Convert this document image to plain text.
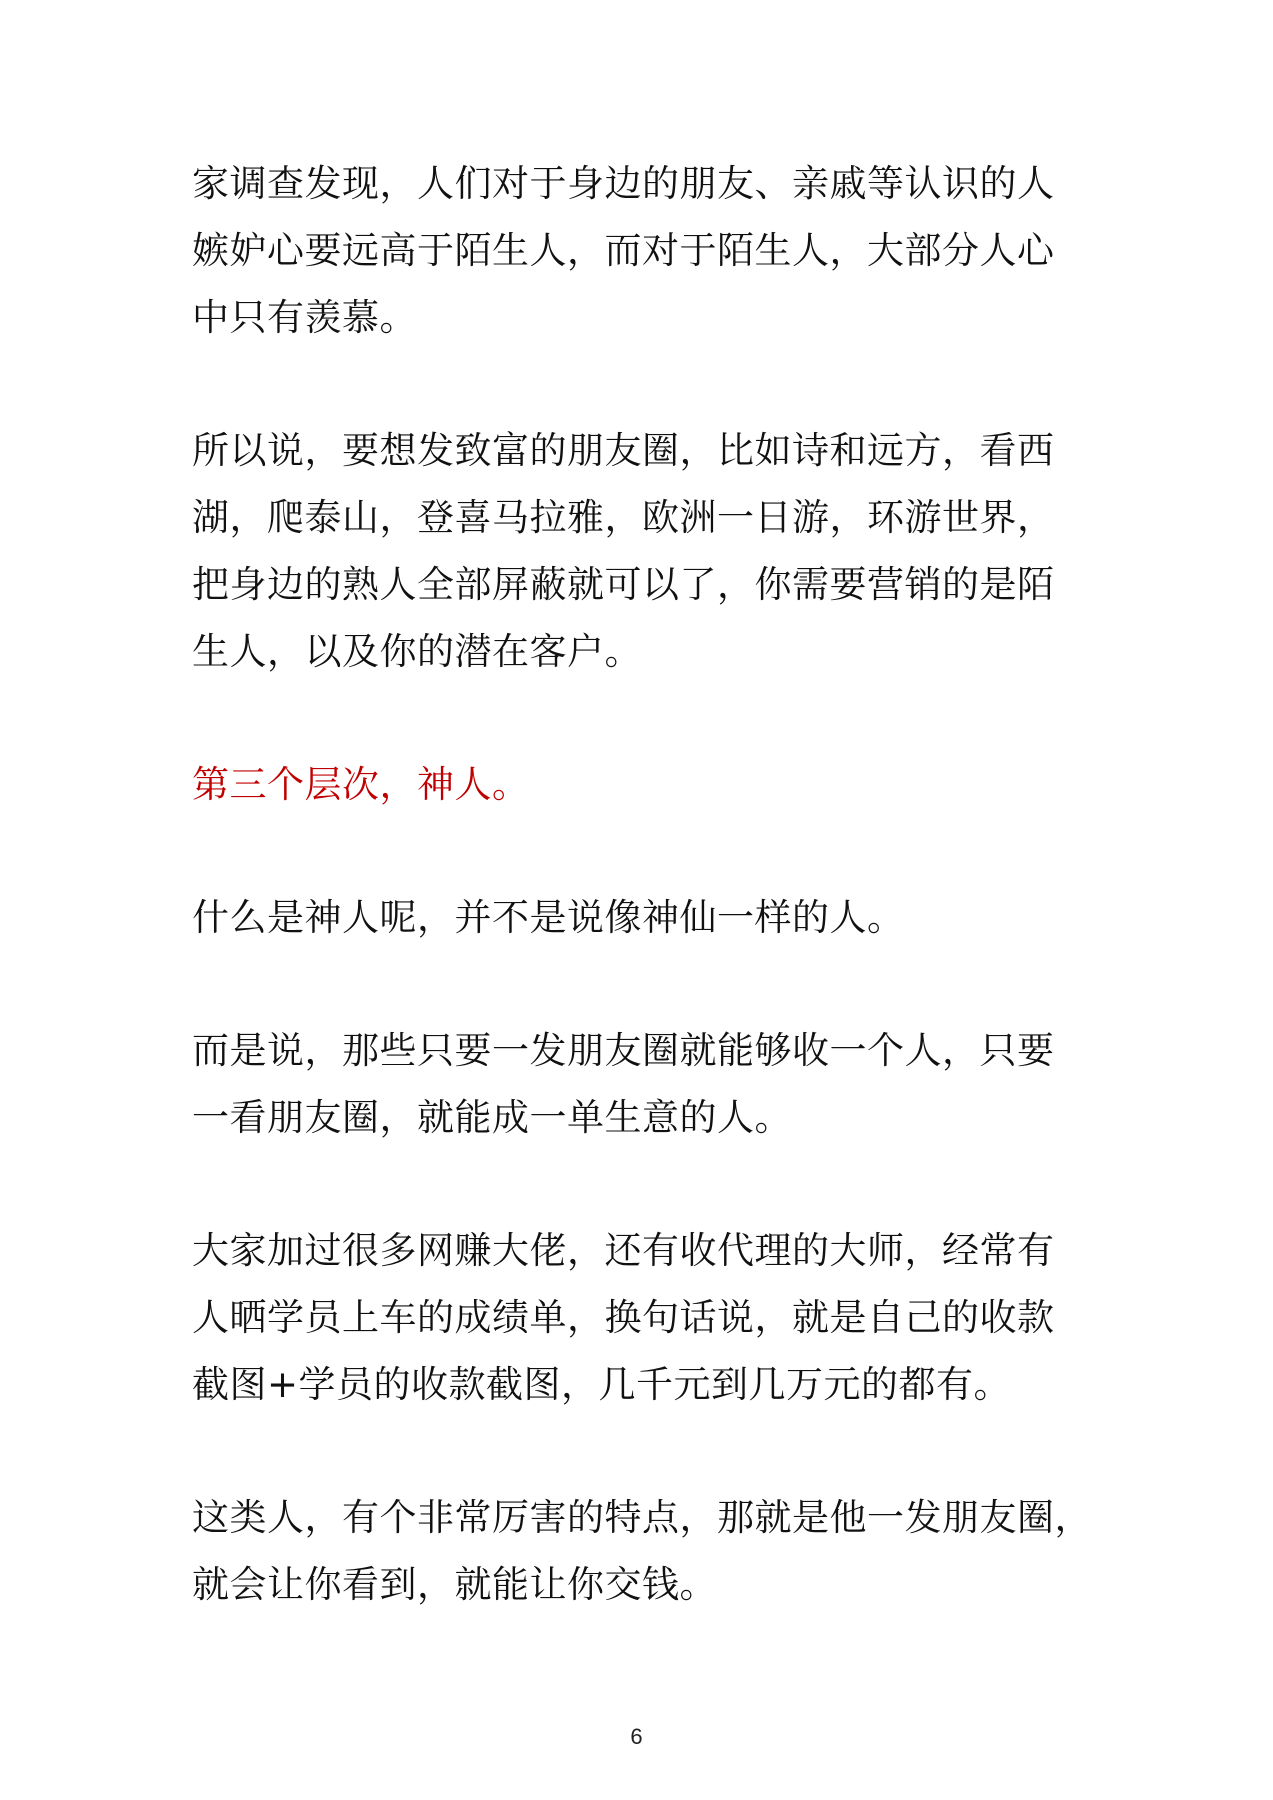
家调查发现，人们对于身边的朋友、亲戚等认识的人
嫉妒心要远高于陌生人，而对于陌生人，大部分人心
中只有羡慕。

所以说，要想发致富的朋友圈，比如诗和远方，看西
湖，爬泰山，登喜马拉雅，欧洲一日游，环游世界，
把身边的熟人全部屏蔽就可以了，你需要营销的是陌
生人，以及你的潜在客户。

第三个层次，神人。

什么是神人呢，并不是说像神仙一样的人。

而是说，那些只要一发朋友圈就能够收一个人，只要
一看朋友圈，就能成一单生意的人。

大家加过很多网赚大佬，还有收代理的大师，经常有
人晒学员上车的成绩单，换句话说，就是自己的收款
截图+学员的收款截图，几千元到几万元的都有。

这类人，有个非常厉害的特点，那就是他一发朋友圈，
就会让你看到，就能让你交钱。

6
